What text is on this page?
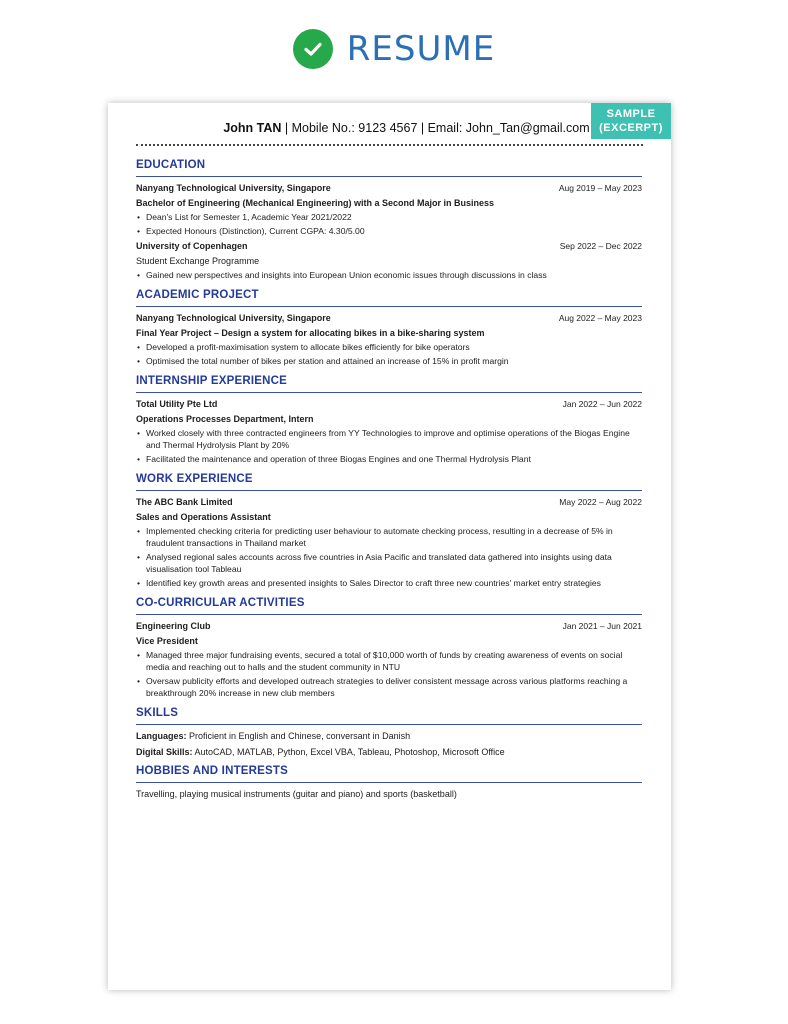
RESUME
SAMPLE
(EXCERPT)
John TAN | Mobile No.: 9123 4567 | Email: John_Tan@gmail.com
EDUCATION
Nanyang Technological University, Singapore	Aug 2019 – May 2023
Bachelor of Engineering (Mechanical Engineering) with a Second Major in Business
• Dean's List for Semester 1, Academic Year 2021/2022
• Expected Honours (Distinction), Current CGPA: 4.30/5.00
University of Copenhagen	Sep 2022 – Dec 2022
Student Exchange Programme
• Gained new perspectives and insights into European Union economic issues through discussions in class
ACADEMIC PROJECT
Nanyang Technological University, Singapore	Aug 2022 – May 2023
Final Year Project – Design a system for allocating bikes in a bike-sharing system
• Developed a profit-maximisation system to allocate bikes efficiently for bike operators
• Optimised the total number of bikes per station and attained an increase of 15% in profit margin
INTERNSHIP EXPERIENCE
Total Utility Pte Ltd	Jan 2022 – Jun 2022
Operations Processes Department, Intern
• Worked closely with three contracted engineers from YY Technologies to improve and optimise operations of the Biogas Engine and Thermal Hydrolysis Plant by 20%
• Facilitated the maintenance and operation of three Biogas Engines and one Thermal Hydrolysis Plant
WORK EXPERIENCE
The ABC Bank Limited	May 2022 – Aug 2022
Sales and Operations Assistant
• Implemented checking criteria for predicting user behaviour to automate checking process, resulting in a decrease of 5% in fraudulent transactions in Thailand market
• Analysed regional sales accounts across five countries in Asia Pacific and translated data gathered into insights using data visualisation tool Tableau
• Identified key growth areas and presented insights to Sales Director to craft three new countries' market entry strategies
CO-CURRICULAR ACTIVITIES
Engineering Club	Jan 2021 – Jun 2021
Vice President
• Managed three major fundraising events, secured a total of $10,000 worth of funds by creating awareness of events on social media and reaching out to halls and the student community in NTU
• Oversaw publicity efforts and developed outreach strategies to deliver consistent message across various platforms reaching a breakthrough 20% increase in new club members
SKILLS
Languages: Proficient in English and Chinese, conversant in Danish
Digital Skills: AutoCAD, MATLAB, Python, Excel VBA, Tableau, Photoshop, Microsoft Office
HOBBIES AND INTERESTS
Travelling, playing musical instruments (guitar and piano) and sports (basketball)
